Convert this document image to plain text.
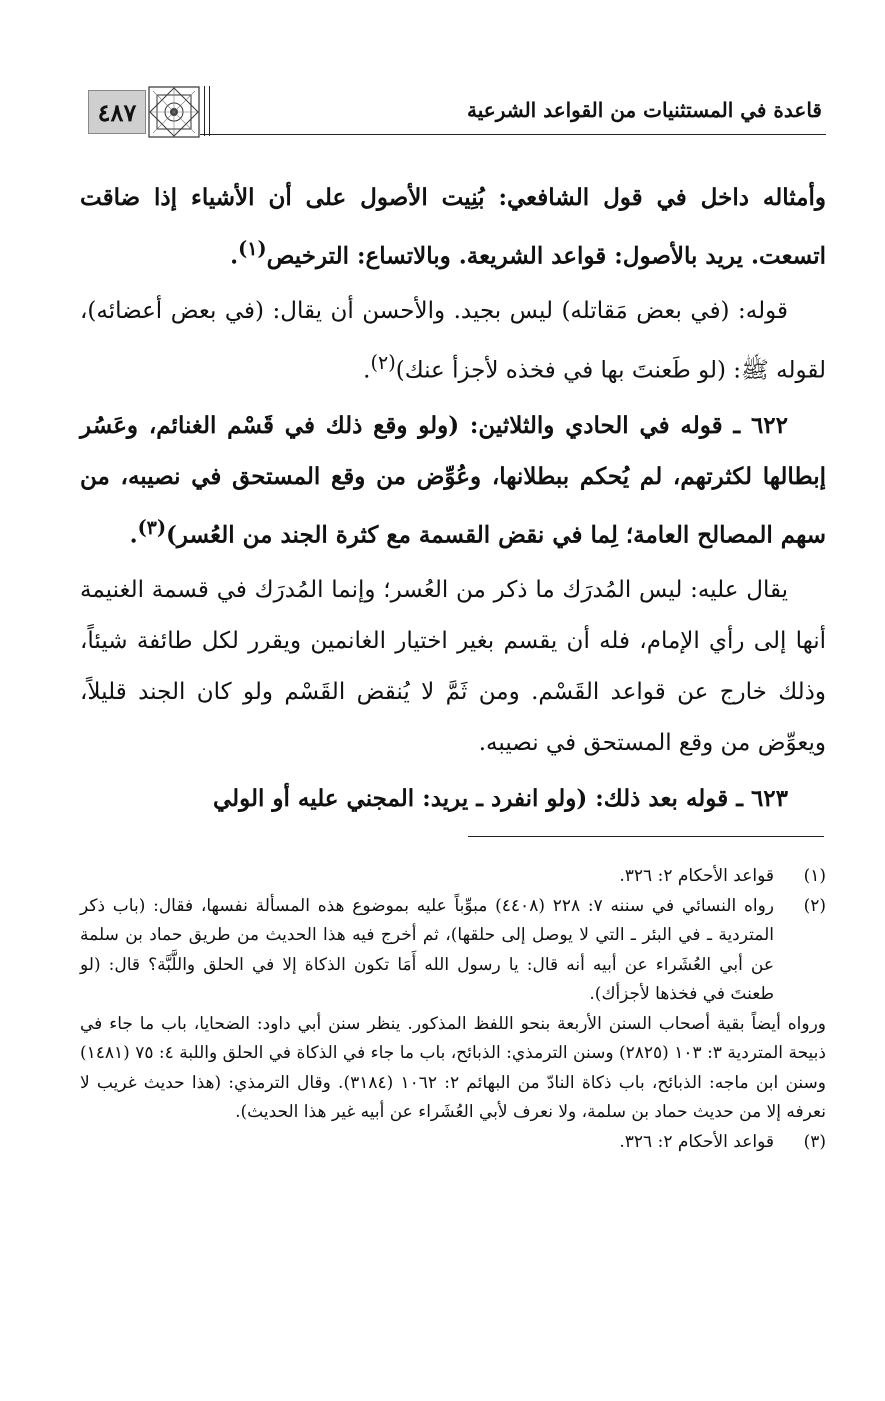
قاعدة في المستثنيات من القواعد الشرعية
٤٨٧

وأمثاله داخل في قول الشافعي: بُنِيت الأصول على أن الأشياء إذا ضاقت اتسعت. يريد بالأصول: قواعد الشريعة. وبالاتساع: الترخيص$^{(١)}$.

قوله: (في بعض مَقاتله) ليس بجيد. والأحسن أن يقال: (في بعض أعضائه)، لقوله ﷺ: (لو طَعنتَ بها في فخذه لأجزأ عنك)$^{(٢)}$.

٦٢٢ ـ قوله في الحادي والثلاثين: (ولو وقع ذلك في قَسْم الغنائم، وعَسُر إبطالها لكثرتهم، لم يُحكم ببطلانها، وعُوِّض من وقع المستحق في نصيبه، من سهم المصالح العامة؛ لِما في نقض القسمة مع كثرة الجند من العُسر)$^{(٣)}$.

يقال عليه: ليس المُدرَك ما ذكر من العُسر؛ وإنما المُدرَك في قسمة الغنيمة أنها إلى رأي الإمام، فله أن يقسم بغير اختيار الغانمين ويقرر لكل طائفة شيئاً، وذلك خارج عن قواعد القَسْم. ومن ثَمَّ لا يُنقض القَسْم ولو كان الجند قليلاً، ويعوِّض من وقع المستحق في نصيبه.

٦٢٣ ـ قوله بعد ذلك: (ولو انفرد ـ يريد: المجني عليه أو الولي

(١)
قواعد الأحكام ٢: ٣٢٦.
(٢)
رواه النسائي في سننه ٧: ٢٢٨ (٤٤٠٨) مبوِّباً عليه بموضوع هذه المسألة نفسها، فقال: (باب ذكر المتردية ـ في البئر ـ التي لا يوصل إلى حلقها)، ثم أخرج فيه هذا الحديث من طريق حماد بن سلمة عن أبي العُشَراء عن أبيه أنه قال: يا رسول الله أَمَا تكون الذكاة إلا في الحلق واللَّبَّة؟ قال: (لو طعنتَ في فخذها لأجزأك).
ورواه أيضاً بقية أصحاب السنن الأربعة بنحو اللفظ المذكور. ينظر سنن أبي داود: الضحايا، باب ما جاء في ذبيحة المتردية ٣: ١٠٣ (٢٨٢٥) وسنن الترمذي: الذبائح، باب ما جاء في الذكاة في الحلق واللبة ٤: ٧٥ (١٤٨١) وسنن ابن ماجه: الذبائح، باب ذكاة النادّ من البهائم ٢: ١٠٦٢ (٣١٨٤). وقال الترمذي: (هذا حديث غريب لا نعرفه إلا من حديث حماد بن سلمة، ولا نعرف لأبي العُشَراء عن أبيه غير هذا الحديث).
(٣)
قواعد الأحكام ٢: ٣٢٦.
